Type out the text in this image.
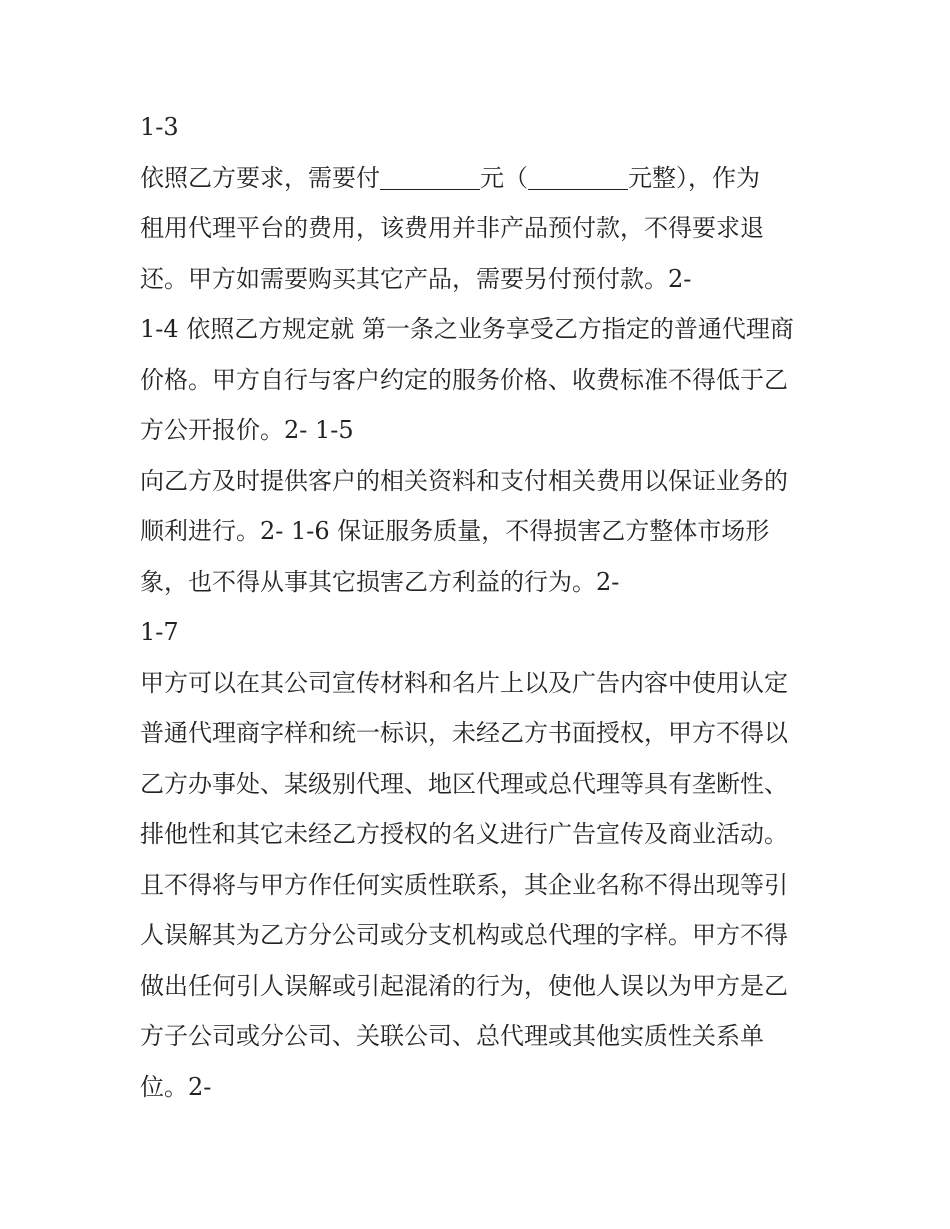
1-3
依照乙方要求，需要付	元（	元整），作为
租用代理平台的费用，该费用并非产品预付款，不得要求退
还。甲方如需要购买其它产品，需要另付预付款。2-
1-4 依照乙方规定就 第一条之业务享受乙方指定的普通代理商
价格。甲方自行与客户约定的服务价格、收费标准不得低于乙
方公开报价。2- 1-5
向乙方及时提供客户的相关资料和支付相关费用以保证业务的
顺利进行。2- 1-6 保证服务质量，不得损害乙方整体市场形
象，也不得从事其它损害乙方利益的行为。2-
1-7
甲方可以在其公司宣传材料和名片上以及广告内容中使用认定
普通代理商字样和统一标识，未经乙方书面授权，甲方不得以
乙方办事处、某级别代理、地区代理或总代理等具有垄断性、
排他性和其它未经乙方授权的名义进行广告宣传及商业活动。
且不得将与甲方作任何实质性联系，其企业名称不得出现等引
人误解其为乙方分公司或分支机构或总代理的字样。甲方不得
做出任何引人误解或引起混淆的行为，使他人误以为甲方是乙
方子公司或分公司、关联公司、总代理或其他实质性关系单
位。2-
